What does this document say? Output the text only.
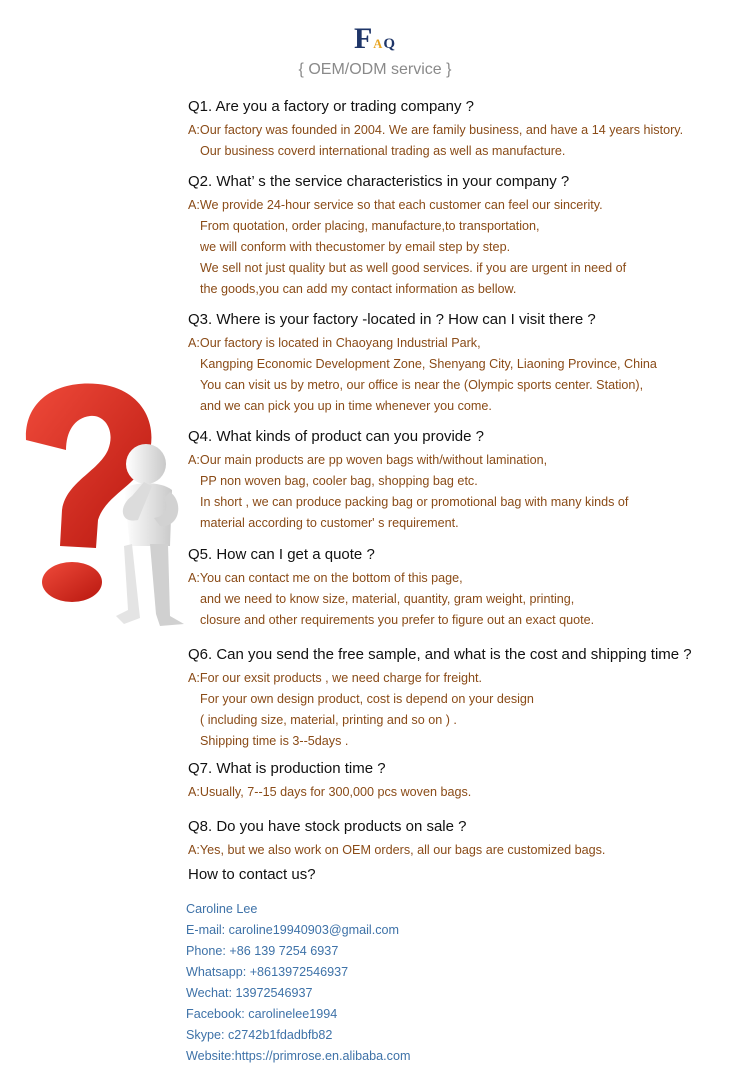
FAQ
{ OEM/ODM service }
Q1. Are you a factory or trading company ?
A:Our factory was founded in 2004. We are family business, and have a 14 years history.
Our business coverd international trading as well as manufacture.
Q2. What’ s the service characteristics in your company ?
A:We provide 24-hour service so that each customer can feel our sincerity.
From quotation, order placing, manufacture,to transportation,
we will conform with thecustomer by email step by step.
We sell not just quality but as well good services. if you are urgent in need of
the goods,you can add my contact information as bellow.
Q3. Where is your factory -located in ? How can I visit there ?
A:Our factory is located in Chaoyang Industrial Park,
Kangping Economic Development Zone, Shenyang City, Liaoning Province, China
You can visit us by metro, our office is near the (Olympic sports center. Station),
and we can pick you up in time whenever you come.
Q4. What kinds of product can you provide ?
A:Our main products are pp woven bags with/without lamination,
PP non woven bag, cooler bag, shopping bag etc.
In short , we can produce packing bag or promotional bag with many kinds of
material according to customer' s requirement.
Q5. How can I get a quote ?
A:You can contact me on the bottom of this page,
and we need to know size, material, quantity, gram weight, printing,
closure and other requirements you prefer to figure out an exact quote.
Q6. Can you send the free sample, and what is the cost and shipping time ?
A:For our exsit products , we need charge for freight.
For your own design product, cost is depend on your design
( including size, material, printing and so on ) .
Shipping time is 3--5days .
Q7. What is production time ?
A:Usually, 7--15 days for 300,000 pcs woven bags.
Q8. Do you have stock products on sale ?
A:Yes, but we also work on OEM orders, all our bags are customized bags.
How to contact us?
Caroline Lee
E-mail: caroline19940903@gmail.com
Phone: +86 139 7254 6937
Whatsapp: +8613972546937
Wechat: 13972546937
Facebook: carolinelee1994
Skype: c2742b1fdadbfb82
Website:https://primrose.en.alibaba.com
